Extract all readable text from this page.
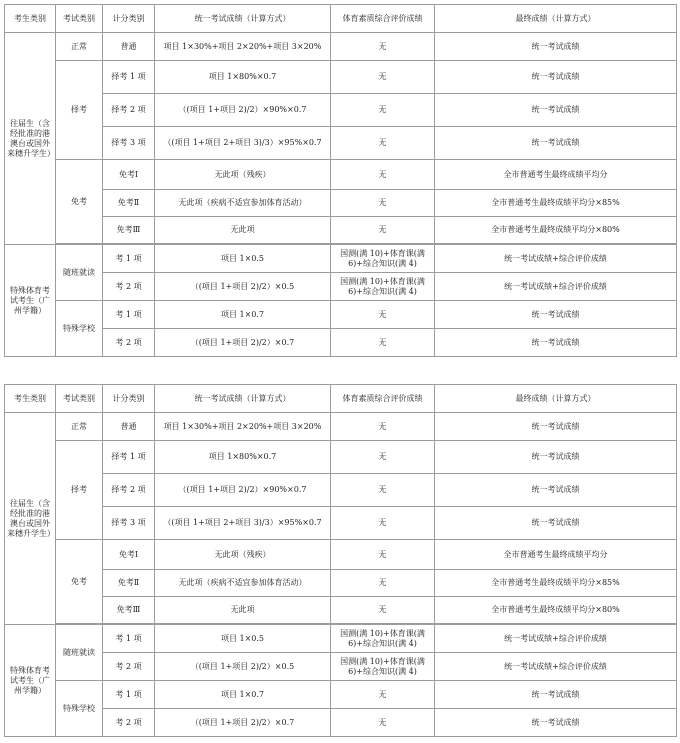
考生类别	考试类别	计分类别	统一考试成绩（计算方式）	体育素质综合评价成绩	最终成绩（计算方式）
往届生（含经批准的港澳台或国外来穗升学生）	正常	普通	项目 1×30%+项目 2×20%+项目 3×20%	无	统一考试成绩
	择考	择考 1 项	项目 1×80%×0.7	无	统一考试成绩
		择考 2 项	（(项目 1+项目 2)/2）×90%×0.7	无	统一考试成绩
		择考 3 项	（(项目 1+项目 2+项目 3)/3）×95%×0.7	无	统一考试成绩
	免考	免考Ⅰ	无此项（残疾）	无	全市普通考生最终成绩平均分
		免考Ⅱ	无此项（疾病不适宜参加体育活动）	无	全市普通考生最终成绩平均分×85%
		免考Ⅲ	无此项	无	全市普通考生最终成绩平均分×80%

特殊体育考试考生（广州学籍）	随班就读	考 1 项	项目 1×0.5	国测(满 10)+体育课(满 6)+综合知识(满 4)	统一考试成绩+综合评价成绩
		考 2 项	（(项目 1+项目 2)/2）×0.5	国测(满 10)+体育课(满 6)+综合知识(满 4)	统一考试成绩+综合评价成绩
	特殊学校	考 1 项	项目 1×0.7	无	统一考试成绩
		考 2 项	（(项目 1+项目 2)/2）×0.7	无	统一考试成绩
考生类别	考试类别	计分类别	统一考试成绩（计算方式）	体育素质综合评价成绩	最终成绩（计算方式）
往届生（含经批准的港澳台或国外来穗升学生）	正常	普通	项目 1×30%+项目 2×20%+项目 3×20%	无	统一考试成绩
	择考	择考 1 项	项目 1×80%×0.7	无	统一考试成绩
		择考 2 项	（(项目 1+项目 2)/2）×90%×0.7	无	统一考试成绩
		择考 3 项	（(项目 1+项目 2+项目 3)/3）×95%×0.7	无	统一考试成绩
	免考	免考Ⅰ	无此项（残疾）	无	全市普通考生最终成绩平均分
		免考Ⅱ	无此项（疾病不适宜参加体育活动）	无	全市普通考生最终成绩平均分×85%
		免考Ⅲ	无此项	无	全市普通考生最终成绩平均分×80%

特殊体育考试考生（广州学籍）	随班就读	考 1 项	项目 1×0.5	国测(满 10)+体育课(满 6)+综合知识(满 4)	统一考试成绩+综合评价成绩
		考 2 项	（(项目 1+项目 2)/2）×0.5	国测(满 10)+体育课(满 6)+综合知识(满 4)	统一考试成绩+综合评价成绩
	特殊学校	考 1 项	项目 1×0.7	无	统一考试成绩
		考 2 项	（(项目 1+项目 2)/2）×0.7	无	统一考试成绩
